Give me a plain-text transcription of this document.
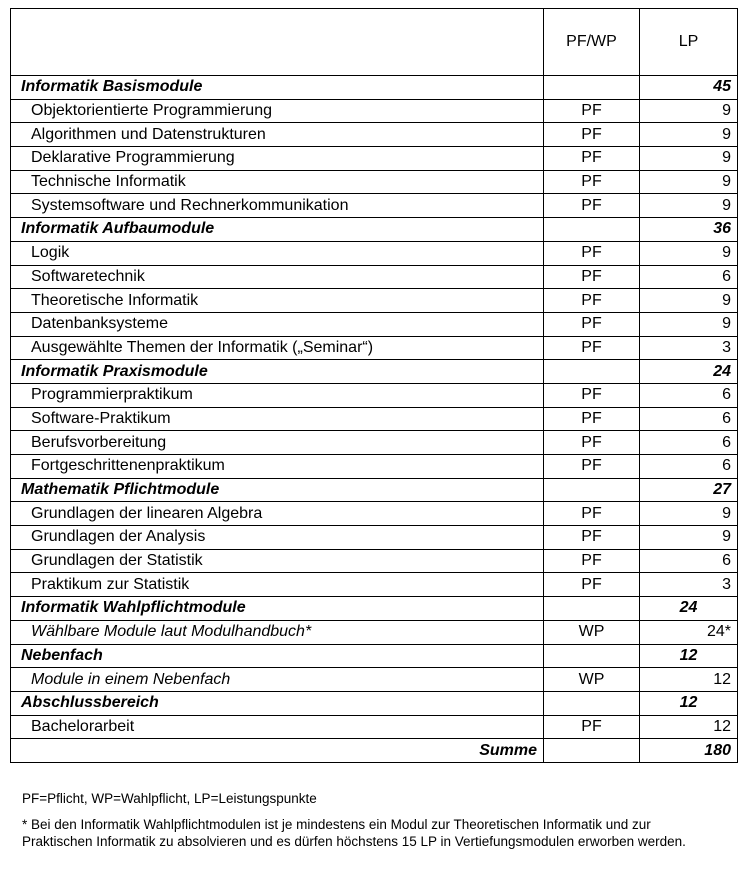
	PF/WP	LP
Informatik Basismodule		45
Objektorientierte Programmierung	PF	9
Algorithmen und Datenstrukturen	PF	9
Deklarative Programmierung	PF	9
Technische Informatik	PF	9
Systemsoftware und Rechnerkommunikation	PF	9
Informatik Aufbaumodule		36
Logik	PF	9
Softwaretechnik	PF	6
Theoretische Informatik	PF	9
Datenbanksysteme	PF	9
Ausgewählte Themen der Informatik („Seminar“)	PF	3
Informatik Praxismodule		24
Programmierpraktikum	PF	6
Software-Praktikum	PF	6
Berufsvorbereitung	PF	6
Fortgeschrittenenpraktikum	PF	6
Mathematik Pflichtmodule		27
Grundlagen der linearen Algebra	PF	9
Grundlagen der Analysis	PF	9
Grundlagen der Statistik	PF	6
Praktikum zur Statistik	PF	3
Informatik Wahlpflichtmodule		24
Wählbare Module laut Modulhandbuch*	WP	24*
Nebenfach		12
Module in einem Nebenfach	WP	12
Abschlussbereich		12
Bachelorarbeit	PF	12
Summe		180

PF=Pflicht, WP=Wahlpflicht, LP=Leistungspunkte

* Bei den Informatik Wahlpflichtmodulen ist je mindestens ein Modul zur Theoretischen Informatik und zur Praktischen Informatik zu absolvieren und es dürfen höchstens 15 LP in Vertiefungsmodulen erworben werden.
